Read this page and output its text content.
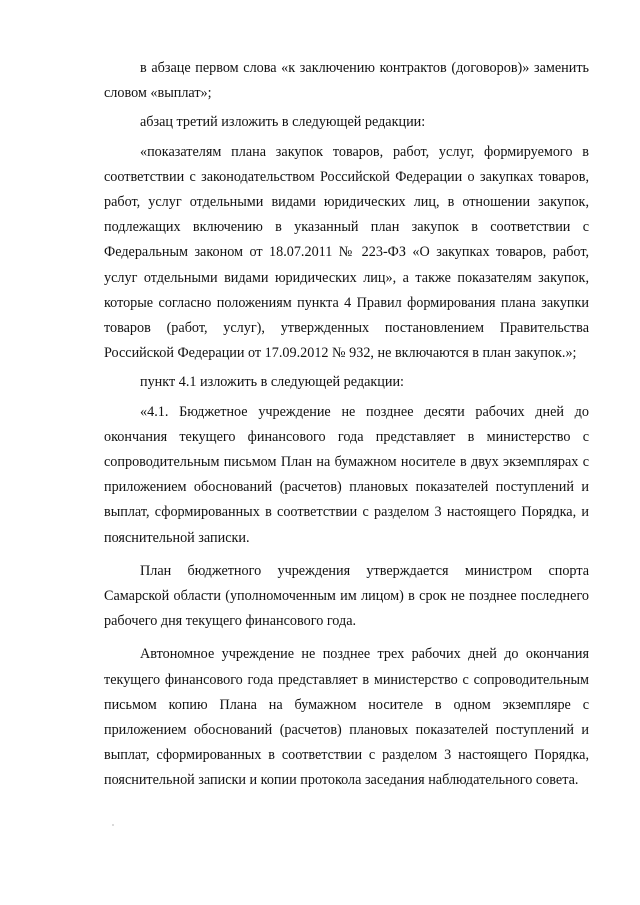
в абзаце первом слова «к заключению контрактов (договоров)» заменить словом «выплат»;

абзац третий изложить в следующей редакции:

«показателям плана закупок товаров, работ, услуг, формируемого в соответствии с законодательством Российской Федерации о закупках товаров, работ, услуг отдельными видами юридических лиц, в отношении закупок, подлежащих включению в указанный план закупок в соответствии с Федеральным законом от 18.07.2011 № 223-ФЗ «О закупках товаров, работ, услуг отдельными видами юридических лиц», а также показателям закупок, которые согласно положениям пункта 4 Правил формирования плана закупки товаров (работ, услуг), утвержденных постановлением Правительства Российской Федерации от 17.09.2012 № 932, не включаются в план закупок.»;

пункт 4.1 изложить в следующей редакции:

«4.1. Бюджетное учреждение не позднее десяти рабочих дней до окончания текущего финансового года представляет в министерство с сопроводительным письмом План на бумажном носителе в двух экземплярах с приложением обоснований (расчетов) плановых показателей поступлений и выплат, сформированных в соответствии с разделом 3 настоящего Порядка, и пояснительной записки.

План бюджетного учреждения утверждается министром спорта Самарской области (уполномоченным им лицом) в срок не позднее последнего рабочего дня текущего финансового года.

Автономное учреждение не позднее трех рабочих дней до окончания текущего финансового года представляет в министерство с сопроводительным письмом копию Плана на бумажном носителе в одном экземпляре с приложением обоснований (расчетов) плановых показателей поступлений и выплат, сформированных в соответствии с разделом 3 настоящего Порядка, пояснительной записки и копии протокола заседания наблюдательного совета.
